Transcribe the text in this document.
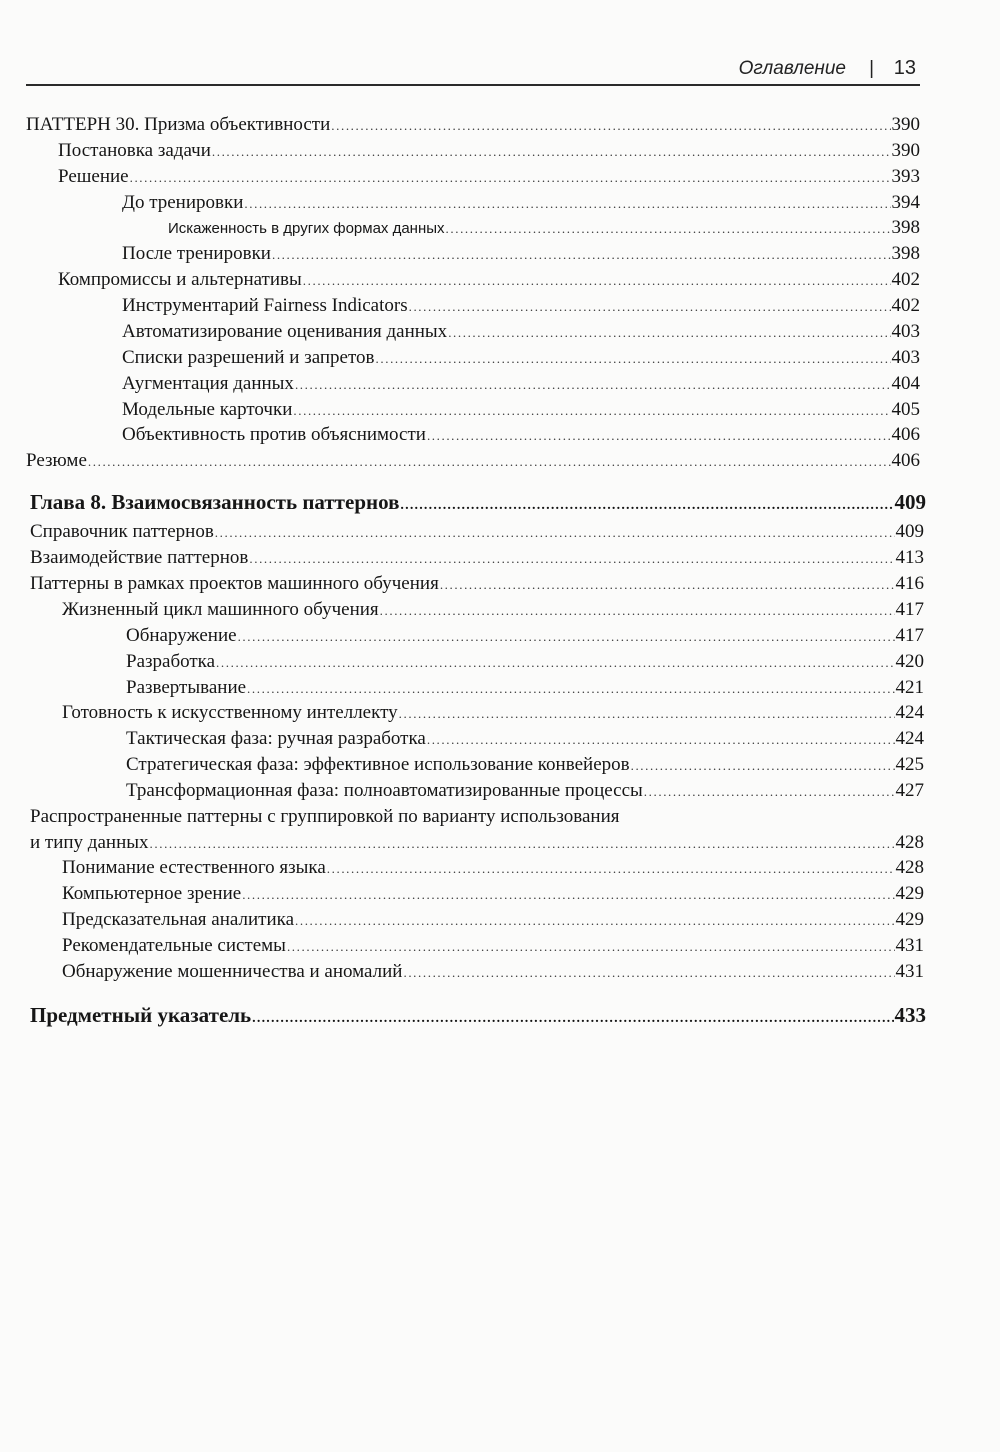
Оглавление | 13
ПАТТЕРН 30. Призма объективности .....	390
Постановка задачи .....	390
Решение .....	393
До тренировки .....	394
Искаженность в других формах данных .....	398
После тренировки .....	398
Компромиссы и альтернативы .....	402
Инструментарий Fairness Indicators .....	402
Автоматизирование оценивания данных .....	403
Списки разрешений и запретов .....	403
Аугментация данных .....	404
Модельные карточки .....	405
Объективность против объяснимости .....	406
Резюме .....	406
Глава 8. Взаимосвязанность паттернов .....	409
Справочник паттернов .....	409
Взаимодействие паттернов .....	413
Паттерны в рамках проектов машинного обучения .....	416
Жизненный цикл машинного обучения .....	417
Обнаружение .....	417
Разработка .....	420
Развертывание .....	421
Готовность к искусственному интеллекту .....	424
Тактическая фаза: ручная разработка .....	424
Стратегическая фаза: эффективное использование конвейеров .....	425
Трансформационная фаза: полноавтоматизированные процессы .....	427
Распространенные паттерны с группировкой по варианту использования
и типу данных .....	428
Понимание естественного языка .....	428
Компьютерное зрение .....	429
Предсказательная аналитика .....	429
Рекомендательные системы .....	431
Обнаружение мошенничества и аномалий .....	431
Предметный указатель .....	433
